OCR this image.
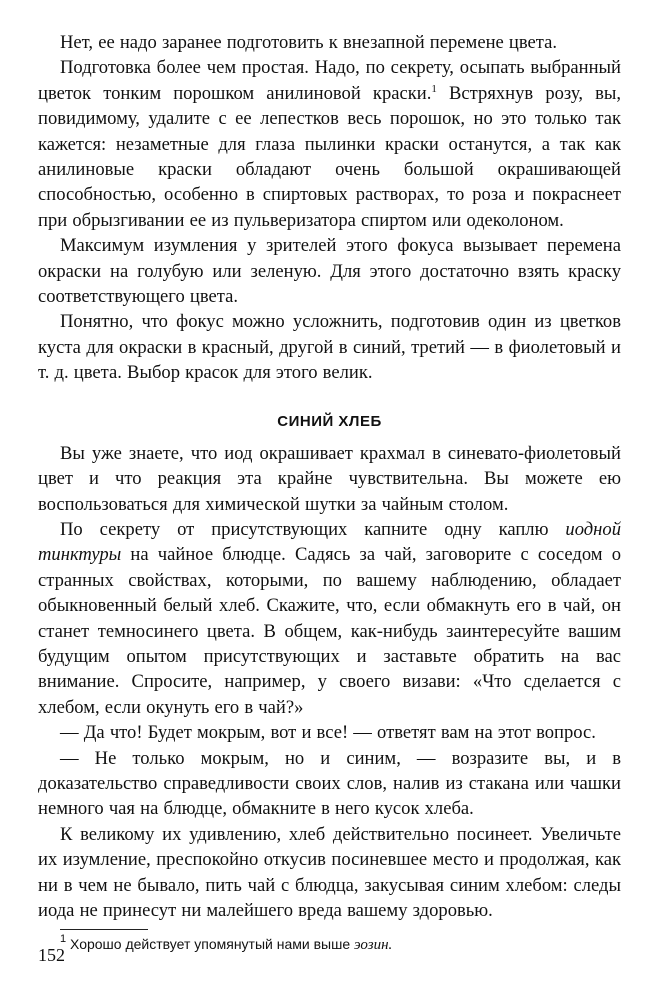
Нет, ее надо заранее подготовить к внезапной перемене цвета.

Подготовка более чем простая. Надо, по секрету, осыпать выбранный цветок тонким порошком анилиновой краски.$^1$ Встряхнув розу, вы, повидимому, удалите с ее лепестков весь порошок, но это только так кажется: незаметные для глаза пылинки краски останутся, а так как анилиновые краски обладают очень большой окрашивающей способностью, особенно в спиртовых растворах, то роза и покраснеет при обрызгивании ее из пульверизатора спиртом или одеколоном.

Максимум изумления у зрителей этого фокуса вызывает перемена окраски на голубую или зеленую. Для этого достаточно взять краску соответствующего цвета.

Понятно, что фокус можно усложнить, подготовив один из цветков куста для окраски в красный, другой в синий, третий — в фиолетовый и т. д. цвета. Выбор красок для этого велик.

СИНИЙ ХЛЕБ

Вы уже знаете, что иод окрашивает крахмал в синевато-фиолетовый цвет и что реакция эта крайне чувствительна. Вы можете ею воспользоваться для химической шутки за чайным столом.

По секрету от присутствующих капните одну каплю иодной тинктуры на чайное блюдце. Садясь за чай, заговорите с соседом о странных свойствах, которыми, по вашему наблюдению, обладает обыкновенный белый хлеб. Скажите, что, если обмакнуть его в чай, он станет темносинего цвета. В общем, как-нибудь заинтересуйте вашим будущим опытом присутствующих и заставьте обратить на вас внимание. Спросите, например, у своего визави: «Что сделается с хлебом, если окунуть его в чай?»

— Да что! Будет мокрым, вот и все! — ответят вам на этот вопрос.

— Не только мокрым, но и синим, — возразите вы, и в доказательство справедливости своих слов, налив из стакана или чашки немного чая на блюдце, обмакните в него кусок хлеба.

К великому их удивлению, хлеб действительно посинеет. Увеличьте их изумление, преспокойно откусив посиневшее место и продолжая, как ни в чем не бывало, пить чай с блюдца, закусывая синим хлебом: следы иода не принесут ни малейшего вреда вашему здоровью.

$^1$ Хорошо действует упомянутый нами выше эозин.
152
